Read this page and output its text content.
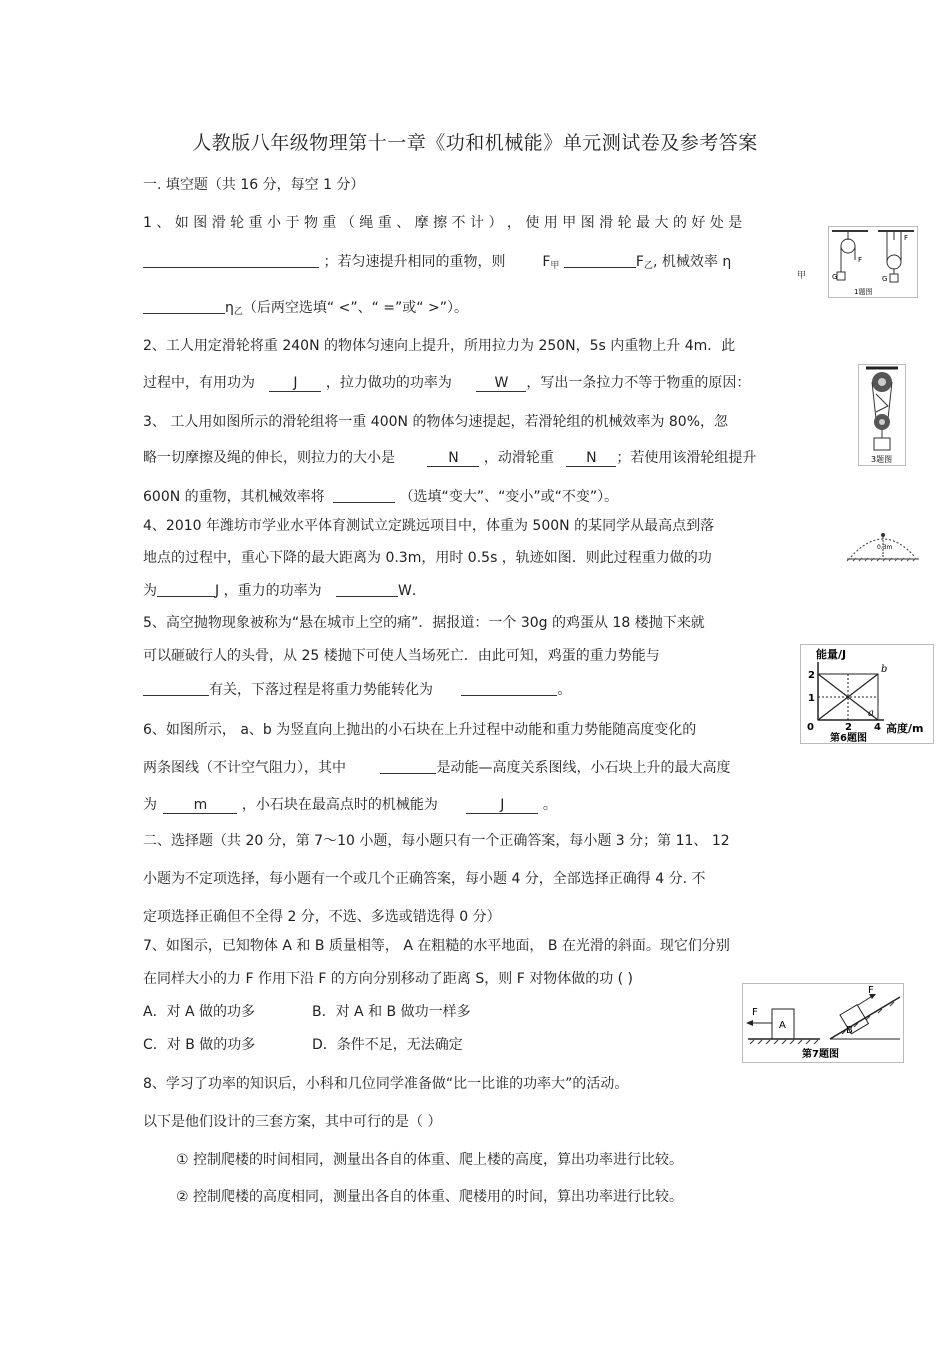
人教版八年级物理第十一章《功和机械能》单元测试卷及参考答案
一. 填空题（共 16 分，每空 1 分）
1 、 如 图 滑 轮 重 小 于 物 重 （ 绳 重 、 摩 擦 不 计 ） ， 使 用 甲 图 滑 轮 最 大 的 好 处 是
；若匀速提升相同的重物，则	$F_甲$	$F_乙$, 机械效率 η
甲
$\eta_乙$（后两空选填“ <”、“ =”或“ >”）。
G	G
F
F
1题图
2、工人用定滑轮将重 240N 的物体匀速向上提升，所用拉力为 250N，5s 内重物上升 4m．此
过程中，有用功为	J ，拉力做功的功率为	W ，写出一条拉力不等于物重的原因：
3题图
3、 工人用如图所示的滑轮组将一重 400N 的物体匀速提起，若滑轮组的机械效率为 80%，忽
略一切摩擦及绳的伸长，则拉力的大小是	N ，动滑轮重 N ；若使用该滑轮组提升
600N 的重物，其机械效率将	（选填“变大”、“变小”或“不变”）。
4、2010 年潍坊市学业水平体育测试立定跳远项目中，体重为 500N 的某同学从最高点到落
地点的过程中，重心下降的最大距离为 0.3m，用时 0.5s ，轨迹如图．则此过程重力做的功
为	J ，重力的功率为	W．
0.3m
5、高空抛物现象被称为“悬在城市上空的痛”．据报道：一个 30g 的鸡蛋从 18 楼抛下来就
可以砸破行人的头骨，从 25 楼抛下可使人当场死亡．由此可知，鸡蛋的重力势能与
有关，下落过程是将重力势能转化为	。
能量/J
2
1
0	2 4
b
a
高度/m
第6题图
6、如图所示， a、b 为竖直向上抛出的小石块在上升过程中动能和重力势能随高度变化的
两条图线（不计空气阻力），其中	是动能—高度关系图线，小石块上升的最大高度
为	m ，小石块在最高点时的机械能为	J	。
二、选择题（共 20 分，第 7～10 小题，每小题只有一个正确答案，每小题 3 分；第 11、 12
小题为不定项选择，每小题有一个或几个正确答案，每小题 4 分，全部选择正确得 4 分. 不
定项选择正确但不全得 2 分，不选、多选或错选得 0 分）
7、如图示，已知物体 A 和 B 质量相等， A 在粗糙的水平地面， B 在光滑的斜面。现它们分别
在同样大小的力 F 作用下沿 F 的方向分别移动了距离 S，则 F 对物体做的功 ( )
A．对 A 做的功多	B．对 A 和 B 做功一样多
C．对 B 做的功多	D．条件不足，无法确定
A
F
B
F
第7题图
8、学习了功率的知识后，小科和几位同学准备做“比一比谁的功率大”的活动。
以下是他们设计的三套方案，其中可行的是（ ）
① 控制爬楼的时间相同，测量出各自的体重、爬上楼的高度，算出功率进行比较。
② 控制爬楼的高度相同，测量出各自的体重、爬楼用的时间，算出功率进行比较。
